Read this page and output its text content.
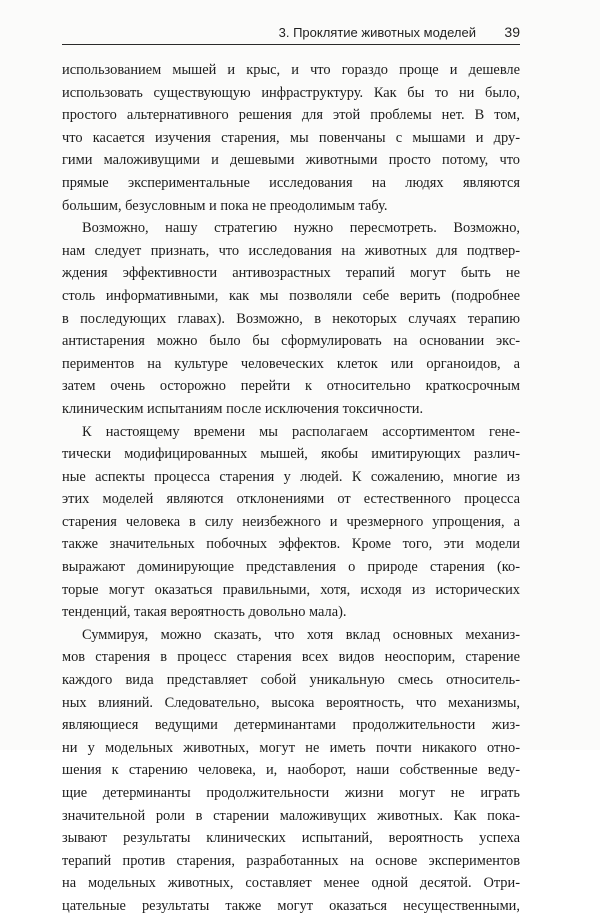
3. Проклятие животных моделей 39
использованием мышей и крыс, и что гораздо проще и дешевле
использовать существующую инфраструктуру. Как бы то ни было,
простого альтернативного решения для этой проблемы нет. В том,
что касается изучения старения, мы повенчаны с мышами и дру-
гими маложивущими и дешевыми животными просто потому, что
прямые экспериментальные исследования на людях являются
большим, безусловным и пока не преодолимым табу.
Возможно, нашу стратегию нужно пересмотреть. Возможно,
нам следует признать, что исследования на животных для подтвер-
ждения эффективности антивозрастных терапий могут быть не
столь информативными, как мы позволяли себе верить (подробнее
в последующих главах). Возможно, в некоторых случаях терапию
антистарения можно было бы сформулировать на основании экс-
периментов на культуре человеческих клеток или органоидов, а
затем очень осторожно перейти к относительно краткосрочным
клиническим испытаниям после исключения токсичности.
К настоящему времени мы располагаем ассортиментом гене-
тически модифицированных мышей, якобы имитирующих различ-
ные аспекты процесса старения у людей. К сожалению, многие из
этих моделей являются отклонениями от естественного процесса
старения человека в силу неизбежного и чрезмерного упрощения, а
также значительных побочных эффектов. Кроме того, эти модели
выражают доминирующие представления о природе старения (ко-
торые могут оказаться правильными, хотя, исходя из исторических
тенденций, такая вероятность довольно мала).
Суммируя, можно сказать, что хотя вклад основных механиз-
мов старения в процесс старения всех видов неоспорим, старение
каждого вида представляет собой уникальную смесь относитель-
ных влияний. Следовательно, высока вероятность, что механизмы,
являющиеся ведущими детерминантами продолжительности жиз-
ни у модельных животных, могут не иметь почти никакого отно-
шения к старению человека, и, наоборот, наши собственные веду-
щие детерминанты продолжительности жизни могут не играть
значительной роли в старении маложивущих животных. Как пока-
зывают результаты клинических испытаний, вероятность успеха
терапий против старения, разработанных на основе экспериментов
на модельных животных, составляет менее одной десятой. Отри-
цательные результаты также могут оказаться несущественными,
